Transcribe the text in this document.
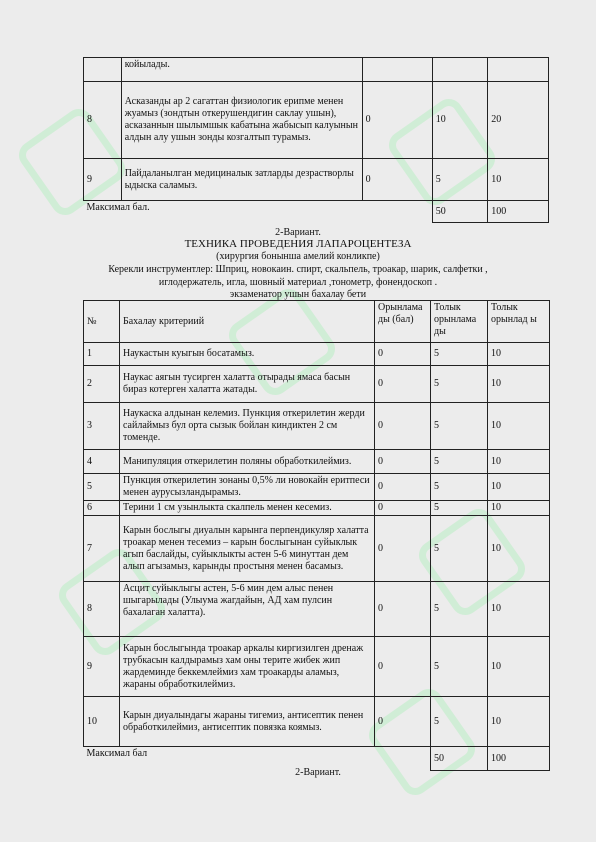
	койылады.			
8	Асказанды ар 2 сагаттан физиологик ерипме менен жуамыз (зондтын откерушендигин саклау ушын), асказаннын шылымшык кабатына жабысып калуынын алдын алу ушын зонды козгалтып турамыз.	0	10	20
9	Пайдаланылган медициналык затларды дезрастворлы ыдыска саламыз.	0	5	10
Максимал бал.			50	100
2-Вариант.
ТЕХНИКА ПРОВЕДЕНИЯ ЛАПАРОЦЕНТЕЗА
(хирургия бонынша амелий конликпе)
Керекли инструментлер: Шприц, новокаин. спирт, скальпель, троакар, шарик, салфетки ,
иглодержатель, игла, шовный материал ,тонометр, фонендоскоп .
экзаменатор ушын бахалау бети
№	Бахалау критериий	Орынлама ды (бал)	Толык орынлама ды	Толык орынлад ы
1	Наукастын куыгын босатамыз.	0	5	10
2	Наукас аягын тусирген халатта отырады ямаса басын бираз котерген халатта жатады.	0	5	10
3	Наукаска алдынан келемиз. Пункция откерилетин жерди сайлаймыз бул орта сызык бойлан киндиктен 2 см томенде.	0	5	10
4	Манипуляция откерилетин поляны обработкилеймиз.	0	5	10
5	Пункция откерилетин зонаны 0,5% ли новокайн еритпеси менен аурусызландырамыз.	0	5	10
6	Терини 1 см узынлыкта скалпель менен кесемиз.	0	5	10
7	Карын бослыгы диуалын карынга перпендикуляр халатта троакар менен тесемиз – карын бослыгынан суйыклык агып баслайды, суйыклыкты астен 5-6 минуттан дем алып агызамыз, карынды простыня менен басамыз.	0	5	10
8	Асцит суйыклыгы астен, 5-6 мин дем алыс пенен шыгарылады (Улыума жагдайын, АД хам пулсин бахалаган халатта).	0	5	10
9	Карын бослыгында троакар аркалы киргизилген дренаж трубкасын калдырамыз хам оны терите жибек жип жардеминде беккемлеймиз хам троакарды аламыз, жараны обработкилеймиз.	0	5	10
10	Карын диуалындагы жараны тигемиз, антисептик пенен обработкилеймиз, антисептик повязка коямыз.	0	5	10
Максимал бал			50	100
2-Вариант.
